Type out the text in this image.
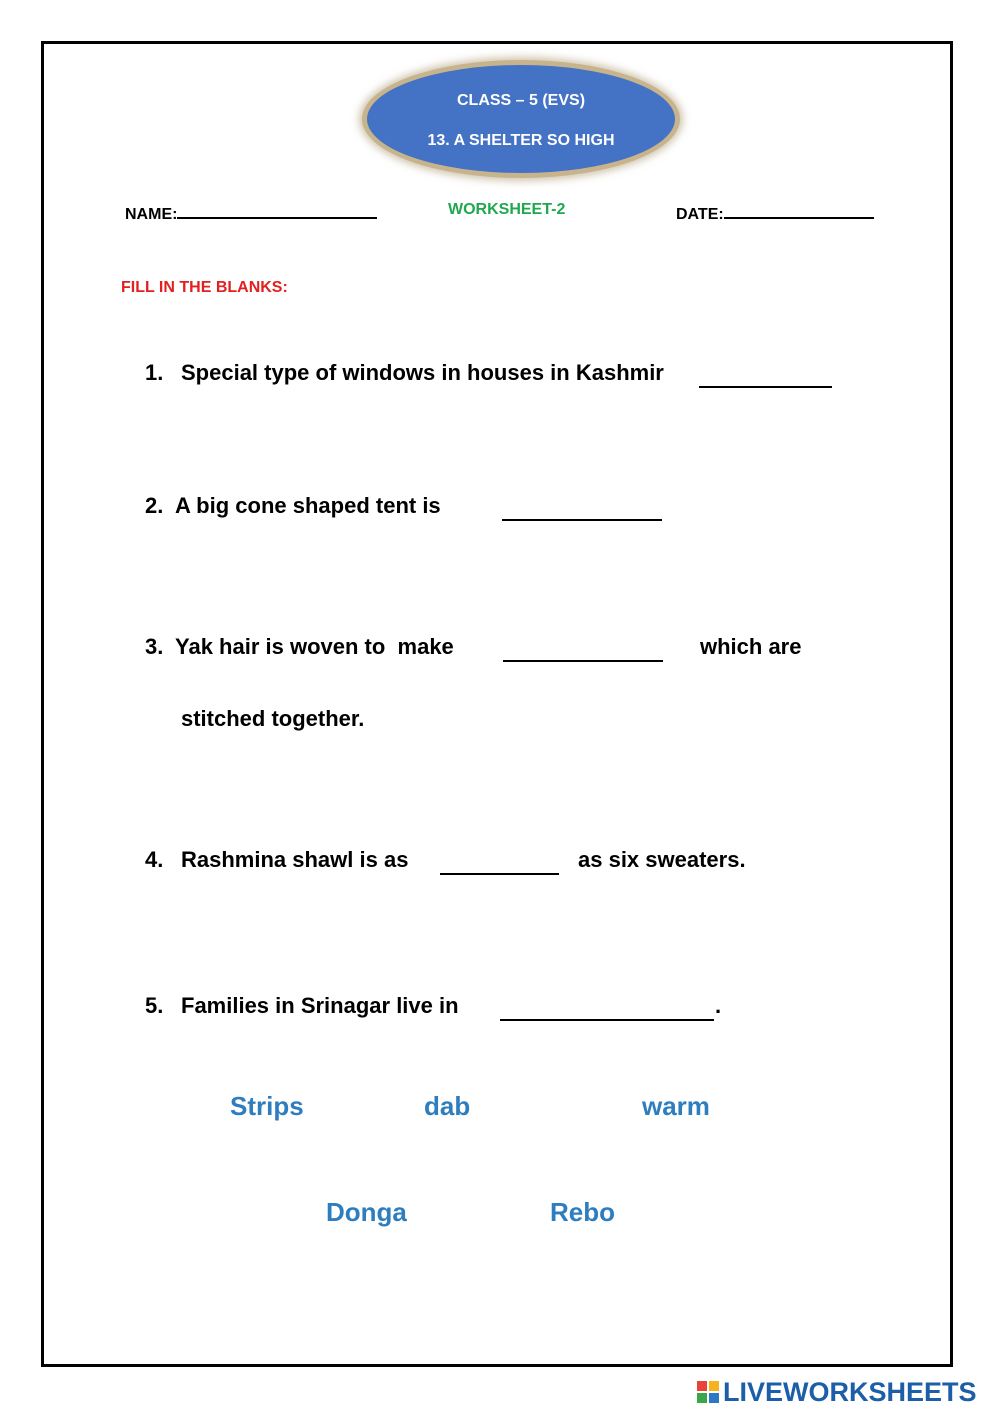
CLASS – 5 (EVS)
13. A SHELTER SO HIGH
NAME:	WORKSHEET-2	DATE:
FILL IN THE BLANKS:
1. Special type of windows in houses in Kashmir
2. A big cone shaped tent is
3. Yak hair is woven to  make	which are
stitched together.
4. Rashmina shawl is as	as six sweaters.
5. Families in Srinagar live in	.
Strips	dab	warm
Donga	Rebo
LIVEWORKSHEETS
